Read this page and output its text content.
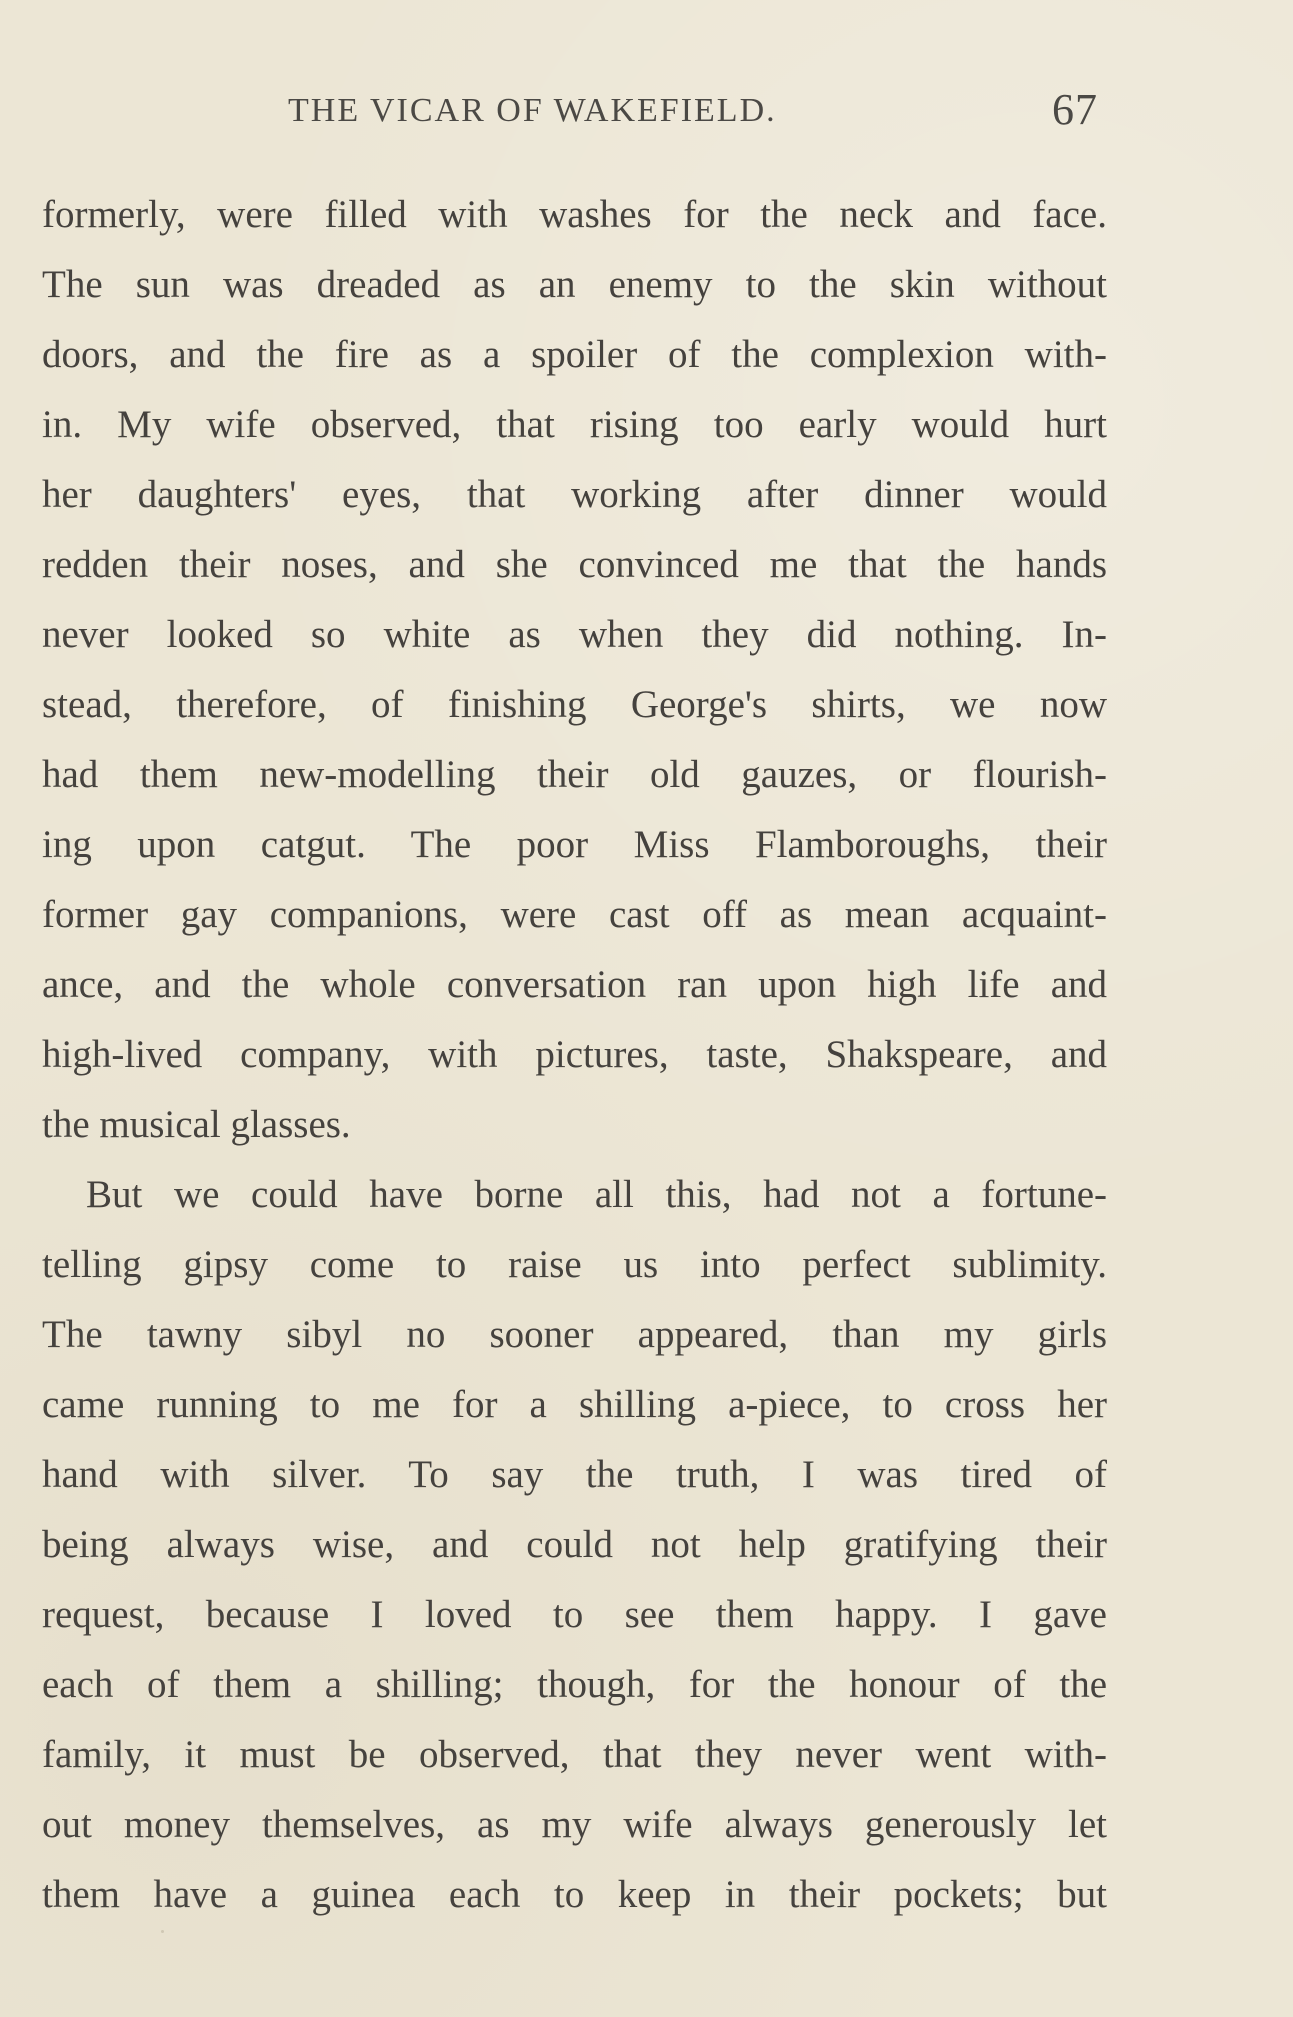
THE VICAR OF WAKEFIELD.	67
formerly, were filled with washes for the neck and face.
The sun was dreaded as an enemy to the skin without
doors, and the fire as a spoiler of the complexion with-
in. My wife observed, that rising too early would hurt
her daughters' eyes, that working after dinner would
redden their noses, and she convinced me that the hands
never looked so white as when they did nothing. In-
stead, therefore, of finishing George's shirts, we now
had them new-modelling their old gauzes, or flourish-
ing upon catgut. The poor Miss Flamboroughs, their
former gay companions, were cast off as mean acquaint-
ance, and the whole conversation ran upon high life and
high-lived company, with pictures, taste, Shakspeare, and
the musical glasses.
But we could have borne all this, had not a fortune-
telling gipsy come to raise us into perfect sublimity.
The tawny sibyl no sooner appeared, than my girls
came running to me for a shilling a-piece, to cross her
hand with silver. To say the truth, I was tired of
being always wise, and could not help gratifying their
request, because I loved to see them happy. I gave
each of them a shilling; though, for the honour of the
family, it must be observed, that they never went with-
out money themselves, as my wife always generously let
them have a guinea each to keep in their pockets; but
